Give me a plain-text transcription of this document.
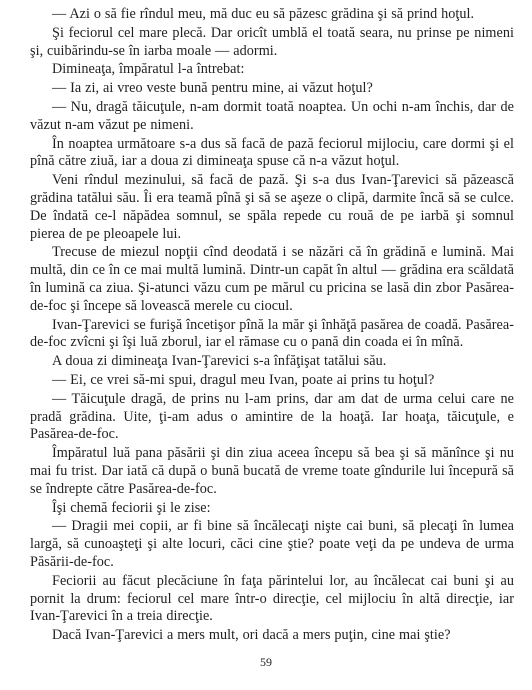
— Azi o să fie rîndul meu, mă duc eu să păzesc grădina şi să prind hoţul.

Şi feciorul cel mare plecă. Dar oricît umblă el toată seara, nu prinse pe nimeni şi, cuibărindu-se în iarba moale — adormi.

Dimineaţa, împăratul l-a întrebat:

— Ia zi, ai vreo veste bună pentru mine, ai văzut hoţul?

— Nu, dragă tăicuţule, n-am dormit toată noaptea. Un ochi n-am închis, dar de văzut n-am văzut pe nimeni.

În noaptea următoare s-a dus să facă de pază feciorul mijlociu, care dormi şi el pînă către ziuă, iar a doua zi dimineaţa spuse că n-a văzut hoţul.

Veni rîndul mezinului, să facă de pază. Şi s-a dus Ivan-Ţarevici să păzească grădina tatălui său. Îi era teamă pînă şi să se aşeze o clipă, darmite încă să se culce. De îndată ce-l năpădea somnul, se spăla repede cu rouă de pe iarbă şi somnul pierea de pe pleoapele lui.

Trecuse de miezul nopţii cînd deodată i se năzări că în grădină e lumină. Mai multă, din ce în ce mai multă lumină. Dintr-un capăt în altul — grădina era scăldată în lumină ca ziua. Şi-atunci văzu cum pe mărul cu pricina se lasă din zbor Pasărea-de-foc şi începe să lovească merele cu ciocul.

Ivan-Ţarevici se furişă încetişor pînă la măr şi înhăţă pasărea de coadă. Pasărea-de-foc zvîcni şi îşi luă zborul, iar el rămase cu o pană din coada ei în mînă.

A doua zi dimineaţa Ivan-Ţarevici s-a înfăţişat tatălui său.

— Ei, ce vrei să-mi spui, dragul meu Ivan, poate ai prins tu hoţul?

— Tăicuţule dragă, de prins nu l-am prins, dar am dat de urma celui care ne pradă grădina. Uite, ţi-am adus o amintire de la hoaţă. Iar hoaţa, tăicuţule, e Pasărea-de-foc.

Împăratul luă pana păsării şi din ziua aceea începu să bea şi să mănînce şi nu mai fu trist. Dar iată că după o bună bucată de vreme toate gîndurile lui începură să se îndrepte către Pasărea-de-foc.

Îşi chemă feciorii şi le zise:

— Dragii mei copii, ar fi bine să încălecaţi nişte cai buni, să plecaţi în lumea largă, să cunoaşteţi şi alte locuri, căci cine ştie? poate veţi da pe undeva de urma Păsării-de-foc.

Feciorii au făcut plecăciune în faţa părintelui lor, au încălecat cai buni şi au pornit la drum: feciorul cel mare într-o direcţie, cel mijlociu în altă direcţie, iar Ivan-Ţarevici în a treia direcţie.

Dacă Ivan-Ţarevici a mers mult, ori dacă a mers puţin, cine mai ştie?

59
